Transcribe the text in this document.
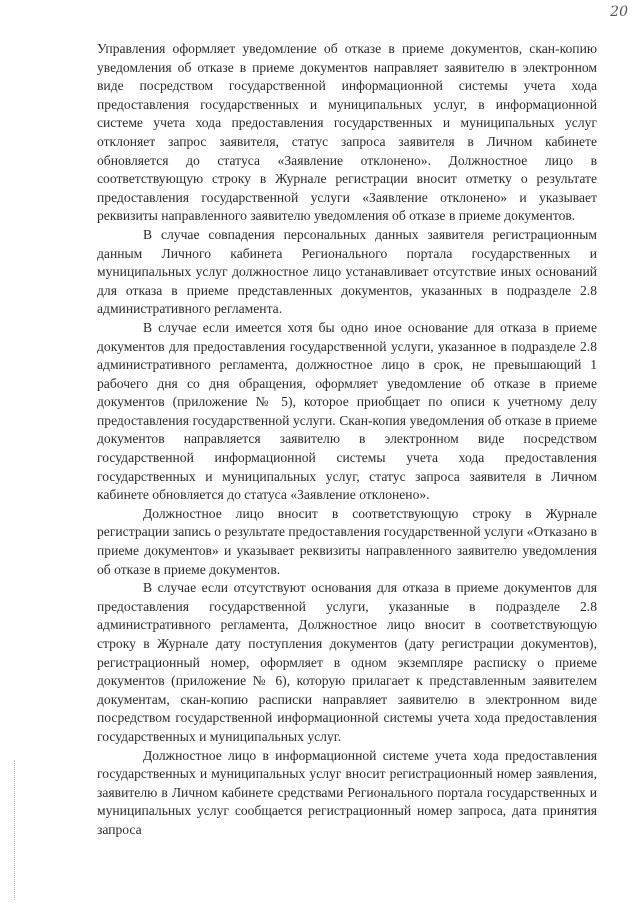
20

Управления оформляет уведомление об отказе в приеме документов, скан-копию уведомления об отказе в приеме документов направляет заявителю в электронном виде посредством государственной информационной системы учета хода предоставления государственных и муниципальных услуг, в информационной системе учета хода предоставления государственных и муниципальных услуг отклоняет запрос заявителя, статус запроса заявителя в Личном кабинете обновляется до статуса «Заявление отклонено». Должностное лицо в соответствующую строку в Журнале регистрации вносит отметку о результате предоставления государственной услуги «Заявление отклонено» и указывает реквизиты направленного заявителю уведомления об отказе в приеме документов.

В случае совпадения персональных данных заявителя регистрационным данным Личного кабинета Регионального портала государственных и муниципальных услуг должностное лицо устанавливает отсутствие иных оснований для отказа в приеме представленных документов, указанных в подразделе 2.8 административного регламента.

В случае если имеется хотя бы одно иное основание для отказа в приеме документов для предоставления государственной услуги, указанное в подразделе 2.8 административного регламента, должностное лицо в срок, не превышающий 1 рабочего дня со дня обращения, оформляет уведомление об отказе в приеме документов (приложение № 5), которое приобщает по описи к учетному делу предоставления государственной услуги. Скан-копия уведомления об отказе в приеме документов направляется заявителю в электронном виде посредством государственной информационной системы учета хода предоставления государственных и муниципальных услуг, статус запроса заявителя в Личном кабинете обновляется до статуса «Заявление отклонено».

Должностное лицо вносит в соответствующую строку в Журнале регистрации запись о результате предоставления государственной услуги «Отказано в приеме документов» и указывает реквизиты направленного заявителю уведомления об отказе в приеме документов.

В случае если отсутствуют основания для отказа в приеме документов для предоставления государственной услуги, указанные в подразделе 2.8 административного регламента, Должностное лицо вносит в соответствующую строку в Журнале дату поступления документов (дату регистрации документов), регистрационный номер, оформляет в одном экземпляре расписку о приеме документов (приложение № 6), которую прилагает к представленным заявителем документам, скан-копию расписки направляет заявителю в электронном виде посредством государственной информационной системы учета хода предоставления государственных и муниципальных услуг.

Должностное лицо в информационной системе учета хода предоставления государственных и муниципальных услуг вносит регистрационный номер заявления, заявителю в Личном кабинете средствами Регионального портала государственных и муниципальных услуг сообщается регистрационный номер запроса, дата принятия запроса
